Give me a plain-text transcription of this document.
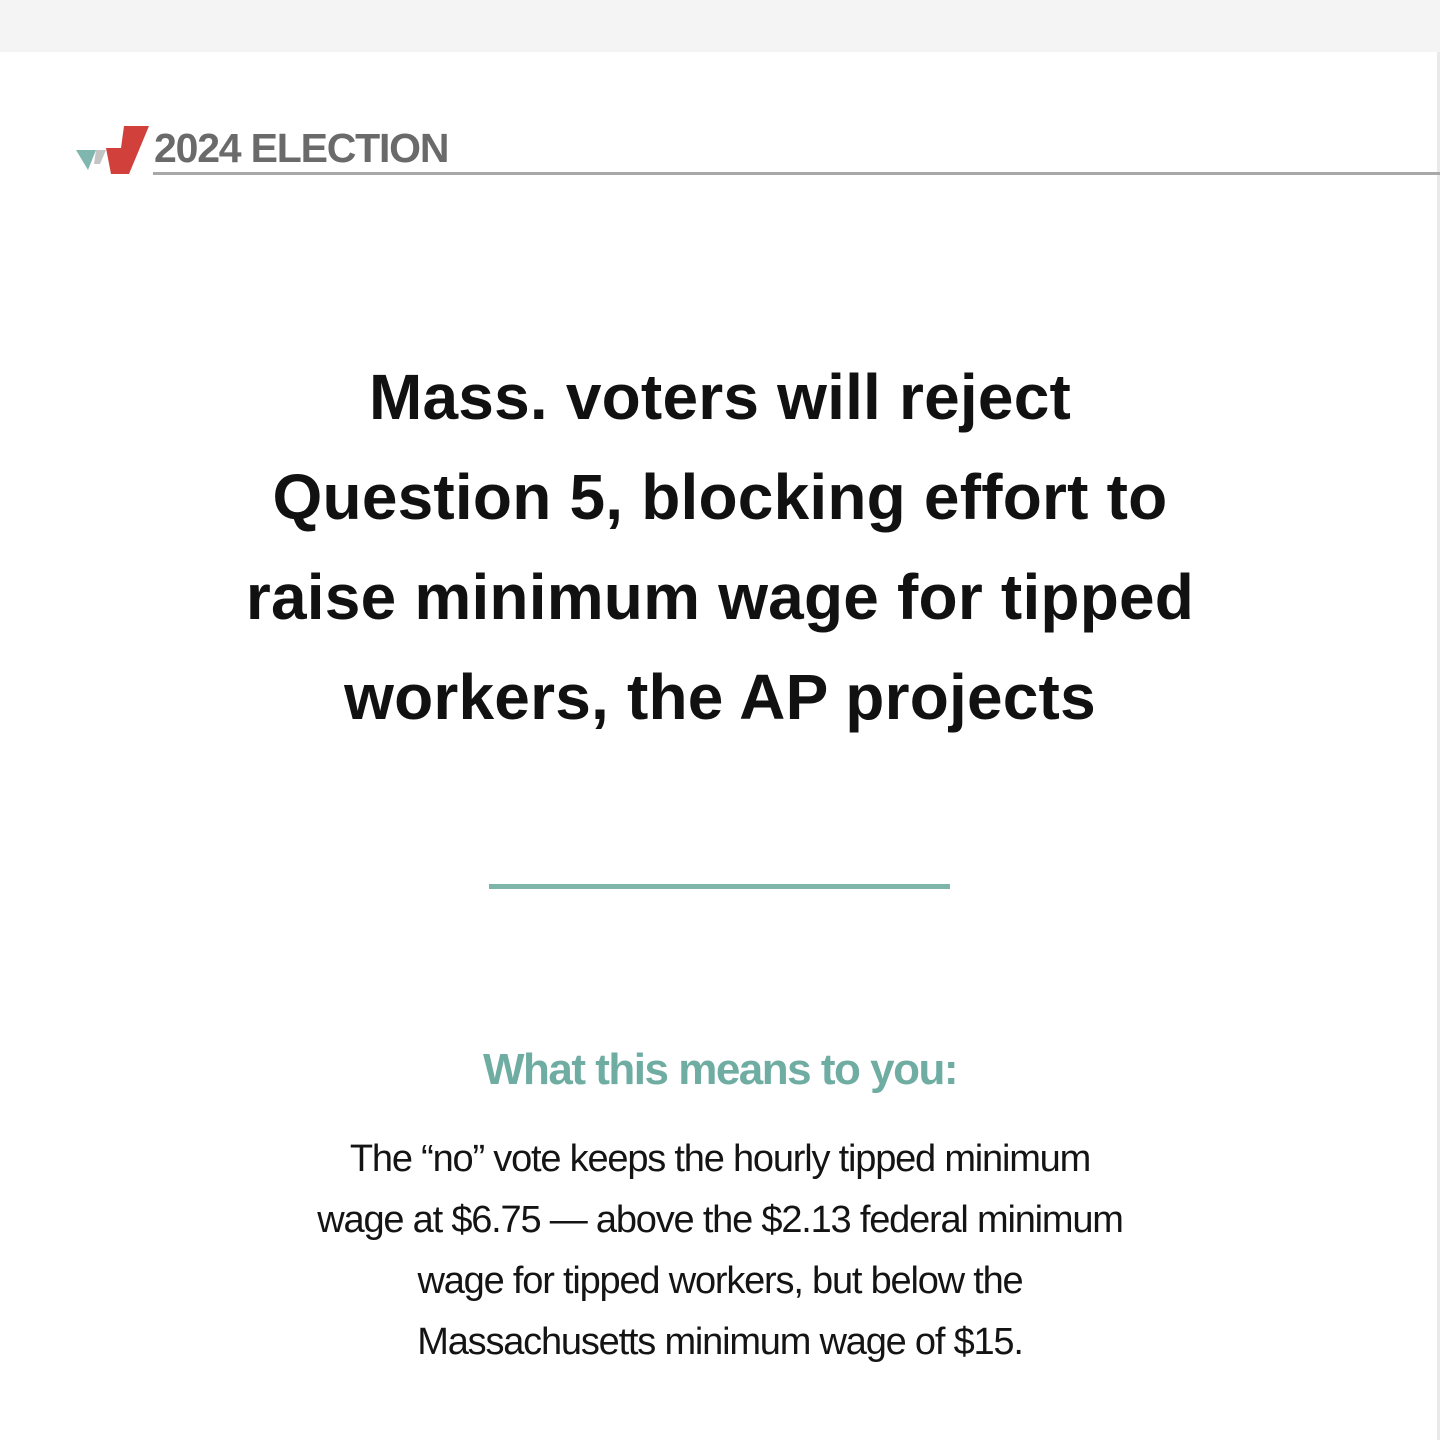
2024 ELECTION
Mass. voters will reject
Question 5, blocking effort to
raise minimum wage for tipped
workers, the AP projects
What this means to you:

The “no” vote keeps the hourly tipped minimum
wage at $6.75 — above the $2.13 federal minimum
wage for tipped workers, but below the
Massachusetts minimum wage of $15.
